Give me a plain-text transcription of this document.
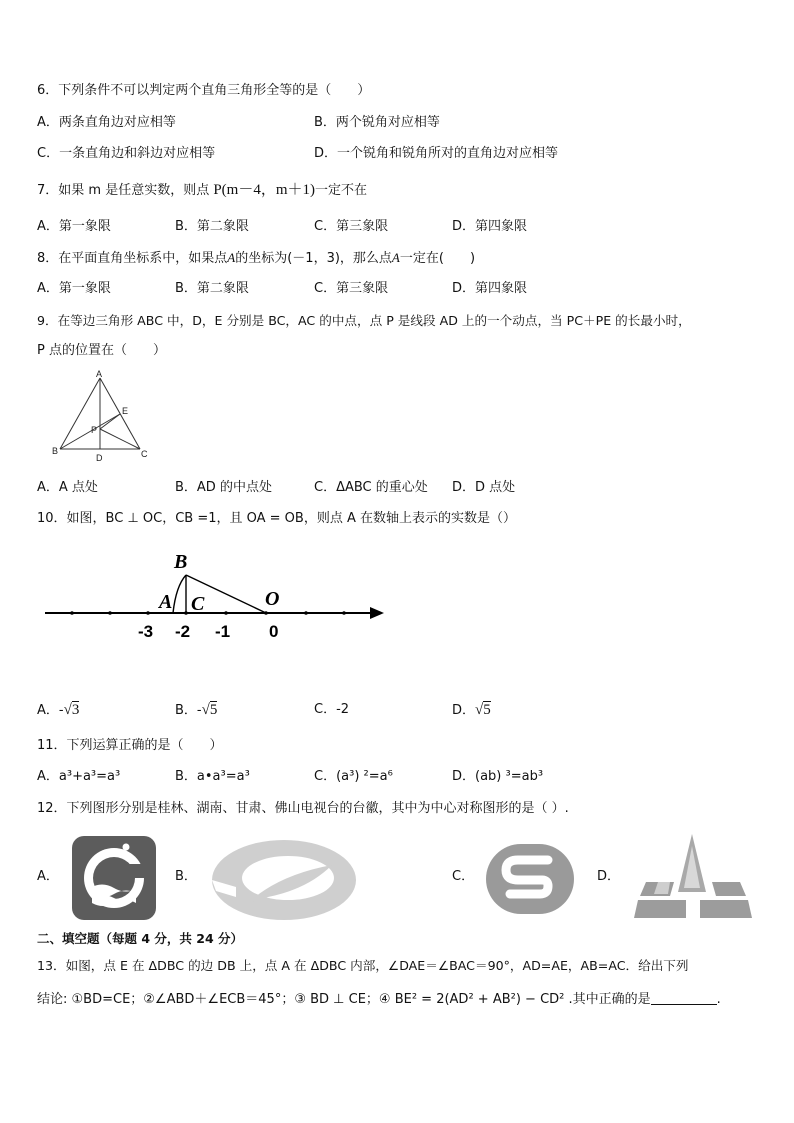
6．下列条件不可以判定两个直角三角形全等的是（　　）
A．两条直角边对应相等	B．两个锐角对应相等
C．一条直角边和斜边对应相等	D．一个锐角和锐角所对的直角边对应相等
7．如果 m 是任意实数，则点 P(m－4，m＋1)一定不在
A．第一象限	B．第二象限	C．第三象限	D．第四象限
8．在平面直角坐标系中，如果点A的坐标为(－1，3)，那么点A一定在(　　)
A．第一象限	B．第二象限	C．第三象限	D．第四象限
9．在等边三角形 ABC 中，D，E 分别是 BC，AC 的中点，点 P 是线段 AD 上的一个动点，当 PC＋PE 的长最小时，
P 点的位置在（　　）
A
B	C
D
E
P
A．A 点处	B．AD 的中点处	C．ΔABC 的重心处 D．D 点处
10．如图，BC ⊥ OC，CB =1，且 OA = OB，则点 A 在数轴上表示的实数是（）
B
A C	O
-3 -2 -1 0
A．-√3	B．-√5	C．-2	D．√5
11．下列运算正确的是（　　）
A．a³+a³=a³	B．a•a³=a³	C．(a³) ²=a⁶	D．(ab) ³=ab³
12．下列图形分别是桂林、湖南、甘肃、佛山电视台的台徽，其中为中心对称图形的是（ ）.
A．	B．	C．	D．
二、填空题（每题 4 分，共 24 分）
13．如图，点 E 在 ΔDBC 的边 DB 上，点 A 在 ΔDBC 内部，∠DAE＝∠BAC＝90°，AD=AE，AB=AC．给出下列
结论: ①BD=CE；②∠ABD＋∠ECB＝45°；③ BD ⊥ CE；④ BE² = 2(AD² + AB²) − CD² .其中正确的是	.
